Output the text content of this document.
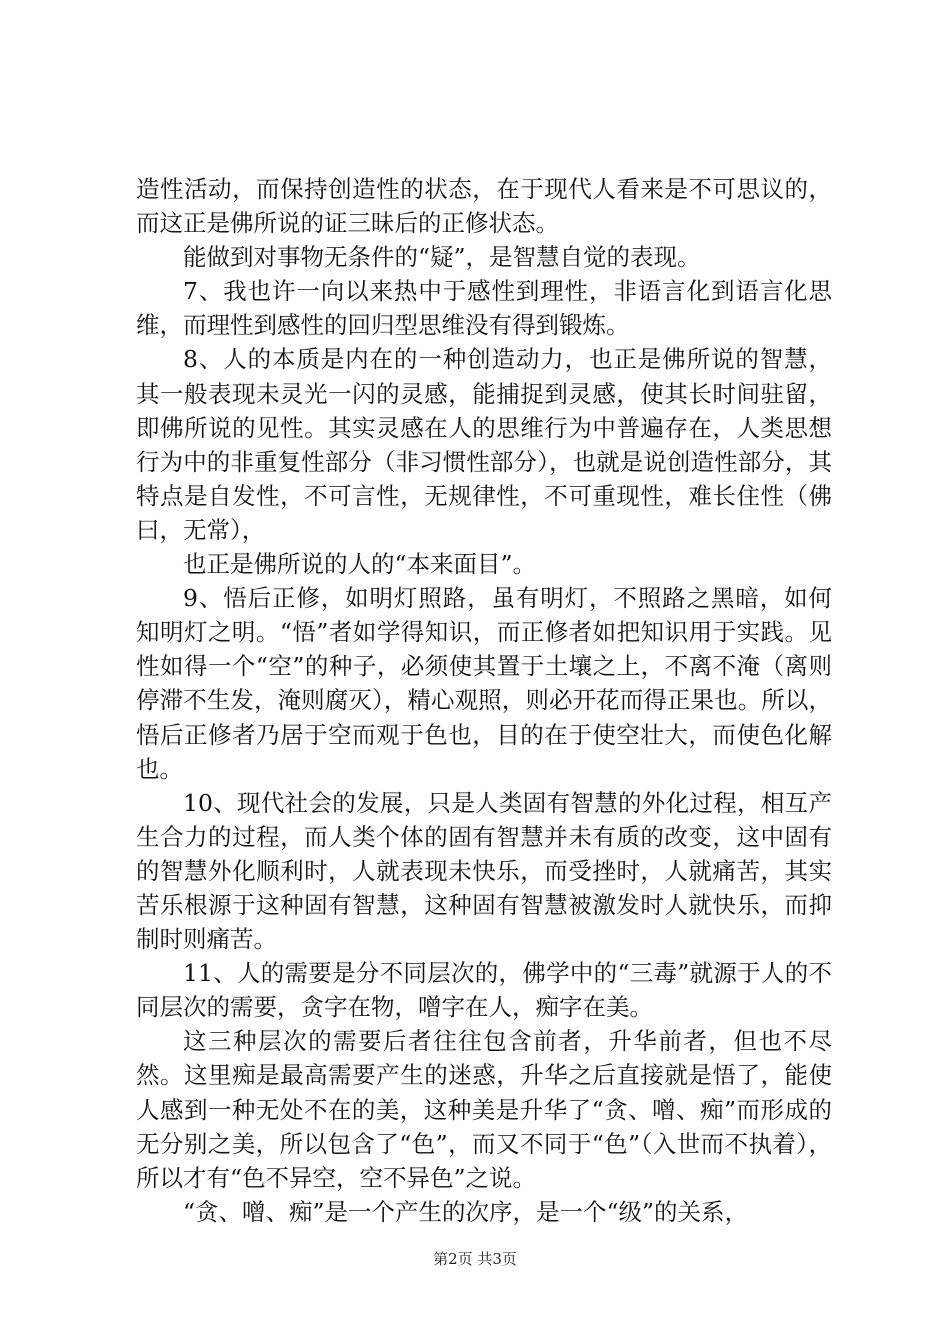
造性活动，而保持创造性的状态，在于现代人看来是不可思议的，而这正是佛所说的证三昧后的正修状态。

能做到对事物无条件的“疑”，是智慧自觉的表现。

7、我也许一向以来热中于感性到理性，非语言化到语言化思维，而理性到感性的回归型思维没有得到锻炼。

8、人的本质是内在的一种创造动力，也正是佛所说的智慧，其一般表现未灵光一闪的灵感，能捕捉到灵感，使其长时间驻留，即佛所说的见性。其实灵感在人的思维行为中普遍存在，人类思想行为中的非重复性部分（非习惯性部分），也就是说创造性部分，其特点是自发性，不可言性，无规律性，不可重现性，难长住性（佛曰，无常），

也正是佛所说的人的“本来面目”。

9、悟后正修，如明灯照路，虽有明灯，不照路之黑暗，如何知明灯之明。“悟”者如学得知识，而正修者如把知识用于实践。见性如得一个“空”的种子，必须使其置于土壤之上，不离不淹（离则停滞不生发，淹则腐灭），精心观照，则必开花而得正果也。所以，悟后正修者乃居于空而观于色也，目的在于使空壮大，而使色化解也。

10、现代社会的发展，只是人类固有智慧的外化过程，相互产生合力的过程，而人类个体的固有智慧并未有质的改变，这中固有的智慧外化顺利时，人就表现未快乐，而受挫时，人就痛苦，其实苦乐根源于这种固有智慧，这种固有智慧被激发时人就快乐，而抑制时则痛苦。

11、人的需要是分不同层次的，佛学中的“三毒”就源于人的不同层次的需要，贪字在物，噌字在人，痴字在美。

这三种层次的需要后者往往包含前者，升华前者，但也不尽然。这里痴是最高需要产生的迷惑，升华之后直接就是悟了，能使人感到一种无处不在的美，这种美是升华了“贪、噌、痴”而形成的无分别之美，所以包含了“色”，而又不同于“色”（入世而不执着），所以才有“色不异空，空不异色”之说。

“贪、噌、痴”是一个产生的次序，是一个“级”的关系，

第2页 共3页
